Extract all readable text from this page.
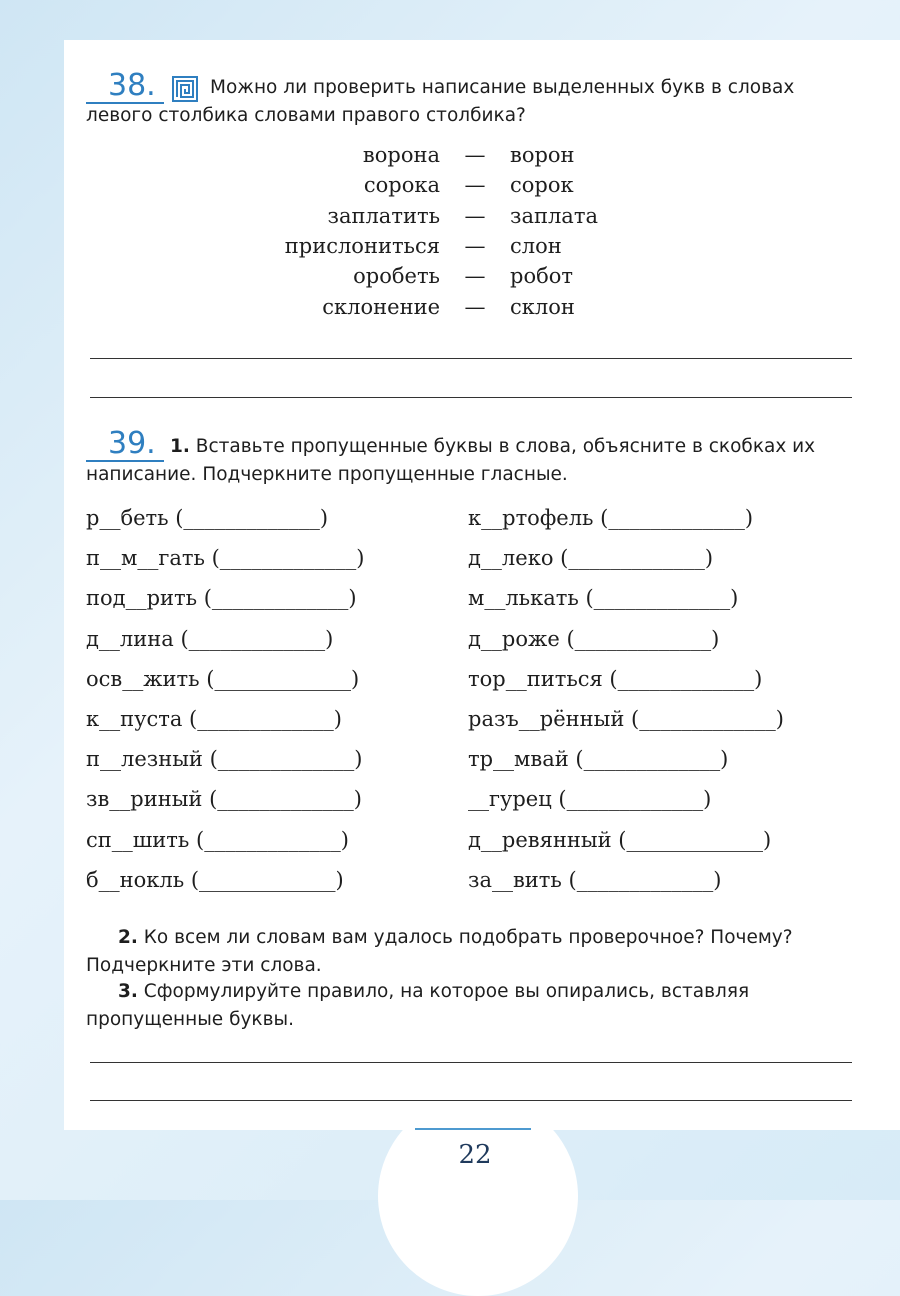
22
38.	Можно ли проверить написание выделенных букв в словах левого столбика словами правого столбика?
ворона	—	ворон
сорока	—	сорок
заплатить	—	заплата
прислониться	—	слон
оробеть	—	робот
склонение	—	склон
39. 1. Вставьте пропущенные буквы в слова, объясните в скобках их написание. Подчеркните пропущенные гласные.
р__беть (_____________)
п__м__гать (_____________)
под__рить (_____________)
д__лина (_____________)
осв__жить (_____________)
к__пуста (_____________)
п__лезный (_____________)
зв__риный (_____________)
сп__шить (_____________)
б__нокль (_____________)
к__ртофель (_____________)
д__леко (_____________)
м__лькать (_____________)
д__роже (_____________)
тор__питься (_____________)
разъ__рённый (_____________)
тр__мвай (_____________)
__гурец (_____________)
д__ревянный (_____________)
за__вить (_____________)
2. Ко всем ли словам вам удалось подобрать проверочное? Почему? Подчеркните эти слова.
3. Сформулируйте правило, на которое вы опирались, вставляя пропущенные буквы.
